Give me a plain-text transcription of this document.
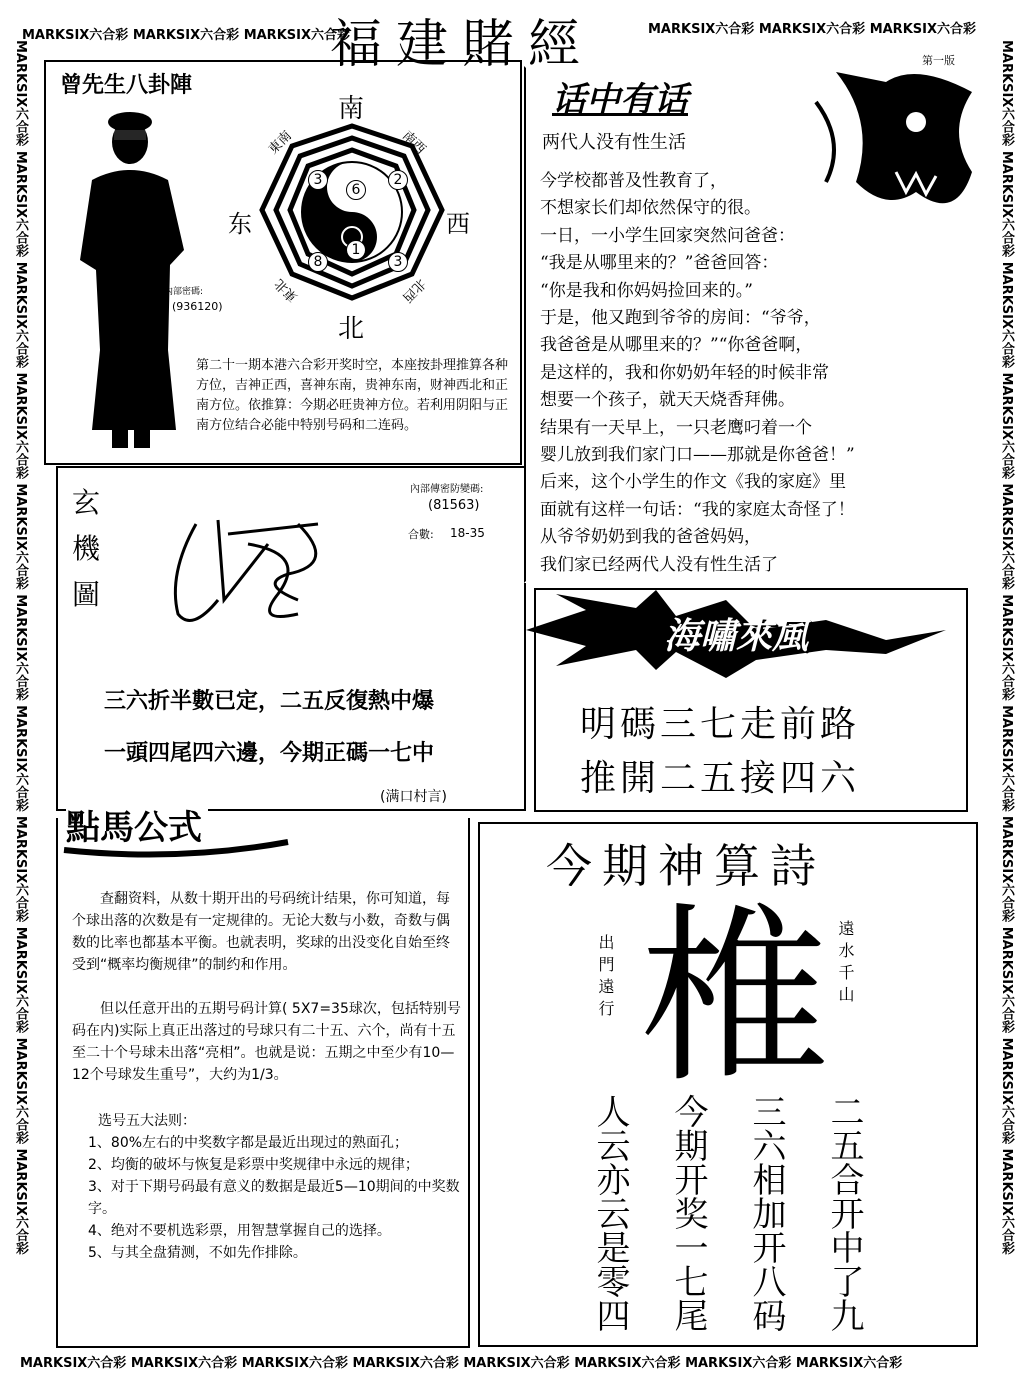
MARKSIX六合彩 MARKSIX六合彩 MARKSIX六合彩	MARKSIX六合彩 MARKSIX六合彩 MARKSIX六合彩
MARKSIX六合彩 MARKSIX六合彩 MARKSIX六合彩 MARKSIX六合彩 MARKSIX六合彩 MARKSIX六合彩 MARKSIX六合彩 MARKSIX六合彩
MARKSIX六合彩 MARKSIX六合彩 MARKSIX六合彩 MARKSIX六合彩 MARKSIX六合彩 MARKSIX六合彩 MARKSIX六合彩 MARKSIX六合彩 MARKSIX六合彩 MARKSIX六合彩 MARKSIX六合彩
MARKSIX六合彩 MARKSIX六合彩 MARKSIX六合彩 MARKSIX六合彩 MARKSIX六合彩 MARKSIX六合彩 MARKSIX六合彩 MARKSIX六合彩 MARKSIX六合彩 MARKSIX六合彩 MARKSIX六合彩
福建賭經	第一版
曾先生八卦陣
內部密碼:
(936120)
南
北
东	西
東南	南西
東北	北西
3
6
2
8
1
3
第二十一期本港六合彩开奖时空，本座按卦理推算各种方位，吉神正西，喜神东南，贵神东南，财神西北和正南方位。依推算：今期必旺贵神方位。若利用阴阳与正南方位结合必能中特别号码和二连码。
玄
機
圖
內部傳密防變碼:
(81563)
合數: 18-35
三六折半數已定，二五反復熱中爆
一頭四尾四六邊，今期正碼一七中
(满口村言)
话中有话
两代人没有性生活
今学校都普及性教育了，
不想家长们却依然保守的很。
一日，一小学生回家突然问爸爸：
“我是从哪里来的？”爸爸回答：
“你是我和你妈妈捡回来的。”
于是，他又跑到爷爷的房间：“爷爷，
我爸爸是从哪里来的？”“你爸爸啊，
是这样的，我和你奶奶年轻的时候非常
想要一个孩子，就天天烧香拜佛。
结果有一天早上，一只老鹰叼着一个
婴儿放到我们家门口——那就是你爸爸！”
后来，这个小学生的作文《我的家庭》里
面就有这样一句话：“我的家庭太奇怪了！
从爷爷奶奶到我的爸爸妈妈，
我们家已经两代人没有性生活了
海嘯來風
明碼三七走前路
推開二五接四六
點馬公式
查翻资料，从数十期开出的号码统计结果，你可知道，每个球出落的次数是有一定规律的。无论大数与小数，奇数与偶数的比率也都基本平衡。也就表明，奖球的出没变化自始至终受到“概率均衡规律”的制约和作用。
但以任意开出的五期号码计算( 5X7=35球次，包括特别号码在内)实际上真正出落过的号球只有二十五、六个，尚有十五至二十个号球未出落“亮相”。也就是说：五期之中至少有10—12个号球发生重号”，大约为1/3。
选号五大法则：
1、80%左右的中奖数字都是最近出现过的熟面孔；
2、均衡的破坏与恢复是彩票中奖规律中永远的规律；
3、对于下期号码最有意义的数据是最近5—10期间的中奖数字。
4、绝对不要机选彩票，用智慧掌握自己的选择。
5、与其全盘猜测，不如先作排除。
今期神算詩
椎
出門遠行	遠水千山
人云亦云是零四 今期开奖一七尾 三六相加开八码 二五合开中了九
